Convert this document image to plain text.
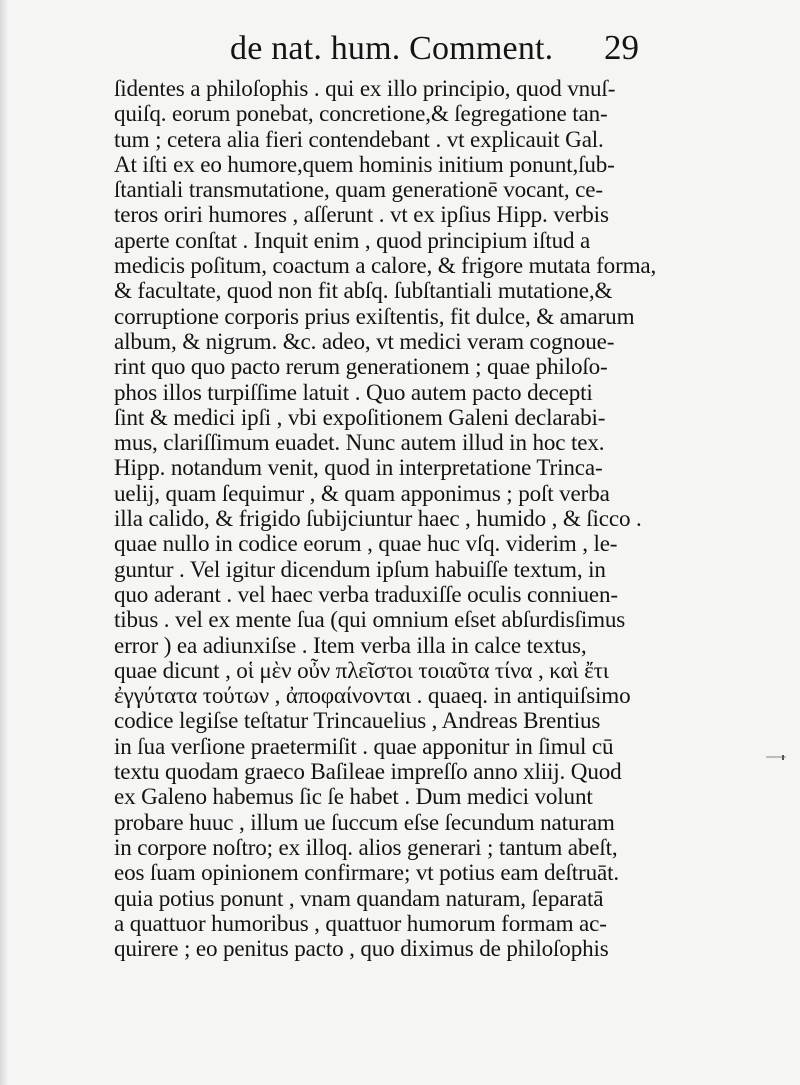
de nat. hum. Comment. 29
ſidentes a philoſophis . qui ex illo principio, quod vnuſ-
quiſq. eorum ponebat, concretione,& ſegregatione tan-
tum ; cetera alia fieri contendebant . vt explicauit Gal.
At iſti ex eo humore,quem hominis initium ponunt,ſub-
ſtantiali transmutatione, quam generationē vocant, ce-
teros oriri humores , aſſerunt . vt ex ipſius Hipp. verbis
aperte conſtat . Inquit enim , quod principium iſtud a
medicis poſitum, coactum a calore, & frigore mutata forma,
& facultate, quod non fit abſq. ſubſtantiali mutatione,&
corruptione corporis prius exiſtentis, fit dulce, & amarum
album, & nigrum. &c. adeo, vt medici veram cognoue-
rint quo quo pacto rerum generationem ; quae philoſo-
phos illos turpiſſime latuit . Quo autem pacto decepti
ſint & medici ipſi , vbi expoſitionem Galeni declarabi-
mus, clariſſimum euadet. Nunc autem illud in hoc tex.
Hipp. notandum venit, quod in interpretatione Trinca-
uelij, quam ſequimur , & quam apponimus ; poſt verba
illa calido, & frigido ſubijciuntur haec , humido , & ſicco .
quae nullo in codice eorum , quae huc vſq. viderim , le-
guntur . Vel igitur dicendum ipſum habuiſſe textum, in
quo aderant . vel haec verba traduxiſſe oculis conniuen-
tibus . vel ex mente ſua (qui omnium eſset abſurdisſimus
error ) ea adiunxiſse . Item verba illa in calce textus,
quae dicunt , οἱ μὲν οὖν πλεῖστοι τοιαῦτα τίνα , καὶ ἔτι
ἐγγύτατα τούτων , ἀποφαίνονται . quaeq. in antiquiſsimo
codice legiſse teſtatur Trincauelius , Andreas Brentius
in ſua verſione praetermiſit . quae apponitur in ſimul cū
textu quodam graeco Baſileae impreſſo anno xliij. Quod
ex Galeno habemus ſic ſe habet . Dum medici volunt
probare huuc , illum ue ſuccum eſse ſecundum naturam
in corpore noſtro; ex illoq. alios generari ; tantum abeſt,
eos ſuam opinionem confirmare; vt potius eam deſtruāt.
quia potius ponunt , vnam quandam naturam, ſeparatā
a quattuor humoribus , quattuor humorum formam ac-
quirere ; eo penitus pacto , quo diximus de philoſophis
